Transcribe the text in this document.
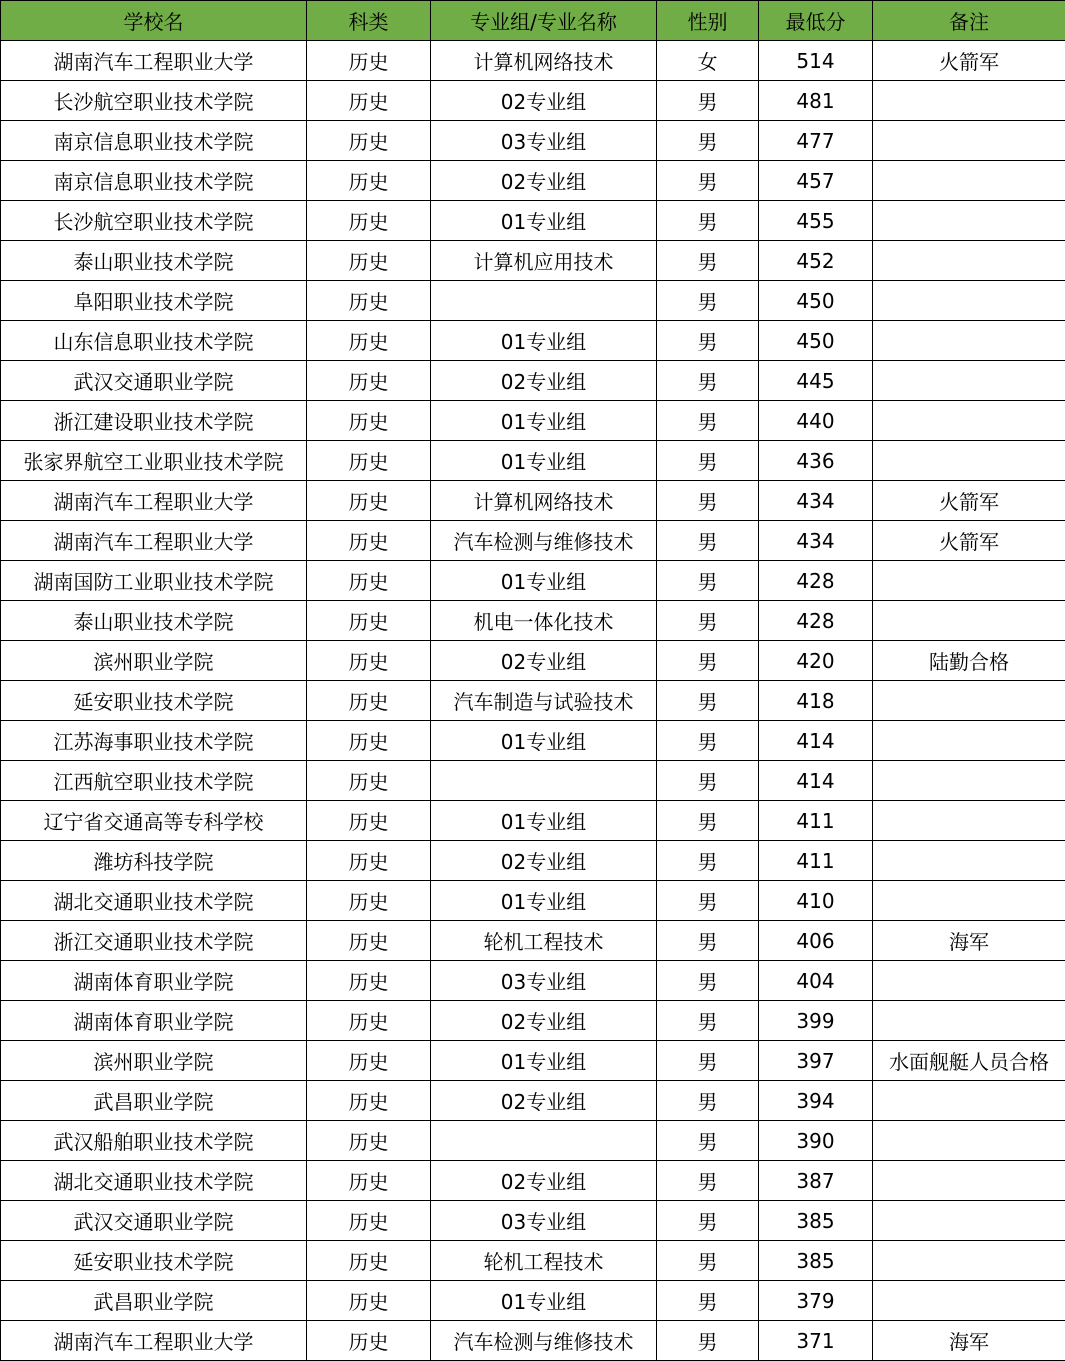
学校名	科类	专业组/专业名称	性别	最低分	备注
湖南汽车工程职业大学	历史	计算机网络技术	女	514	火箭军
长沙航空职业技术学院	历史	02专业组	男	481	
南京信息职业技术学院	历史	03专业组	男	477	
南京信息职业技术学院	历史	02专业组	男	457	
长沙航空职业技术学院	历史	01专业组	男	455	
泰山职业技术学院	历史	计算机应用技术	男	452	
阜阳职业技术学院	历史		男	450	
山东信息职业技术学院	历史	01专业组	男	450	
武汉交通职业学院	历史	02专业组	男	445	
浙江建设职业技术学院	历史	01专业组	男	440	
张家界航空工业职业技术学院	历史	01专业组	男	436	
湖南汽车工程职业大学	历史	计算机网络技术	男	434	火箭军
湖南汽车工程职业大学	历史	汽车检测与维修技术	男	434	火箭军
湖南国防工业职业技术学院	历史	01专业组	男	428	
泰山职业技术学院	历史	机电一体化技术	男	428	
滨州职业学院	历史	02专业组	男	420	陆勤合格
延安职业技术学院	历史	汽车制造与试验技术	男	418	
江苏海事职业技术学院	历史	01专业组	男	414	
江西航空职业技术学院	历史		男	414	
辽宁省交通高等专科学校	历史	01专业组	男	411	
潍坊科技学院	历史	02专业组	男	411	
湖北交通职业技术学院	历史	01专业组	男	410	
浙江交通职业技术学院	历史	轮机工程技术	男	406	海军
湖南体育职业学院	历史	03专业组	男	404	
湖南体育职业学院	历史	02专业组	男	399	
滨州职业学院	历史	01专业组	男	397	水面舰艇人员合格
武昌职业学院	历史	02专业组	男	394	
武汉船舶职业技术学院	历史		男	390	
湖北交通职业技术学院	历史	02专业组	男	387	
武汉交通职业学院	历史	03专业组	男	385	
延安职业技术学院	历史	轮机工程技术	男	385	
武昌职业学院	历史	01专业组	男	379	
湖南汽车工程职业大学	历史	汽车检测与维修技术	男	371	海军
